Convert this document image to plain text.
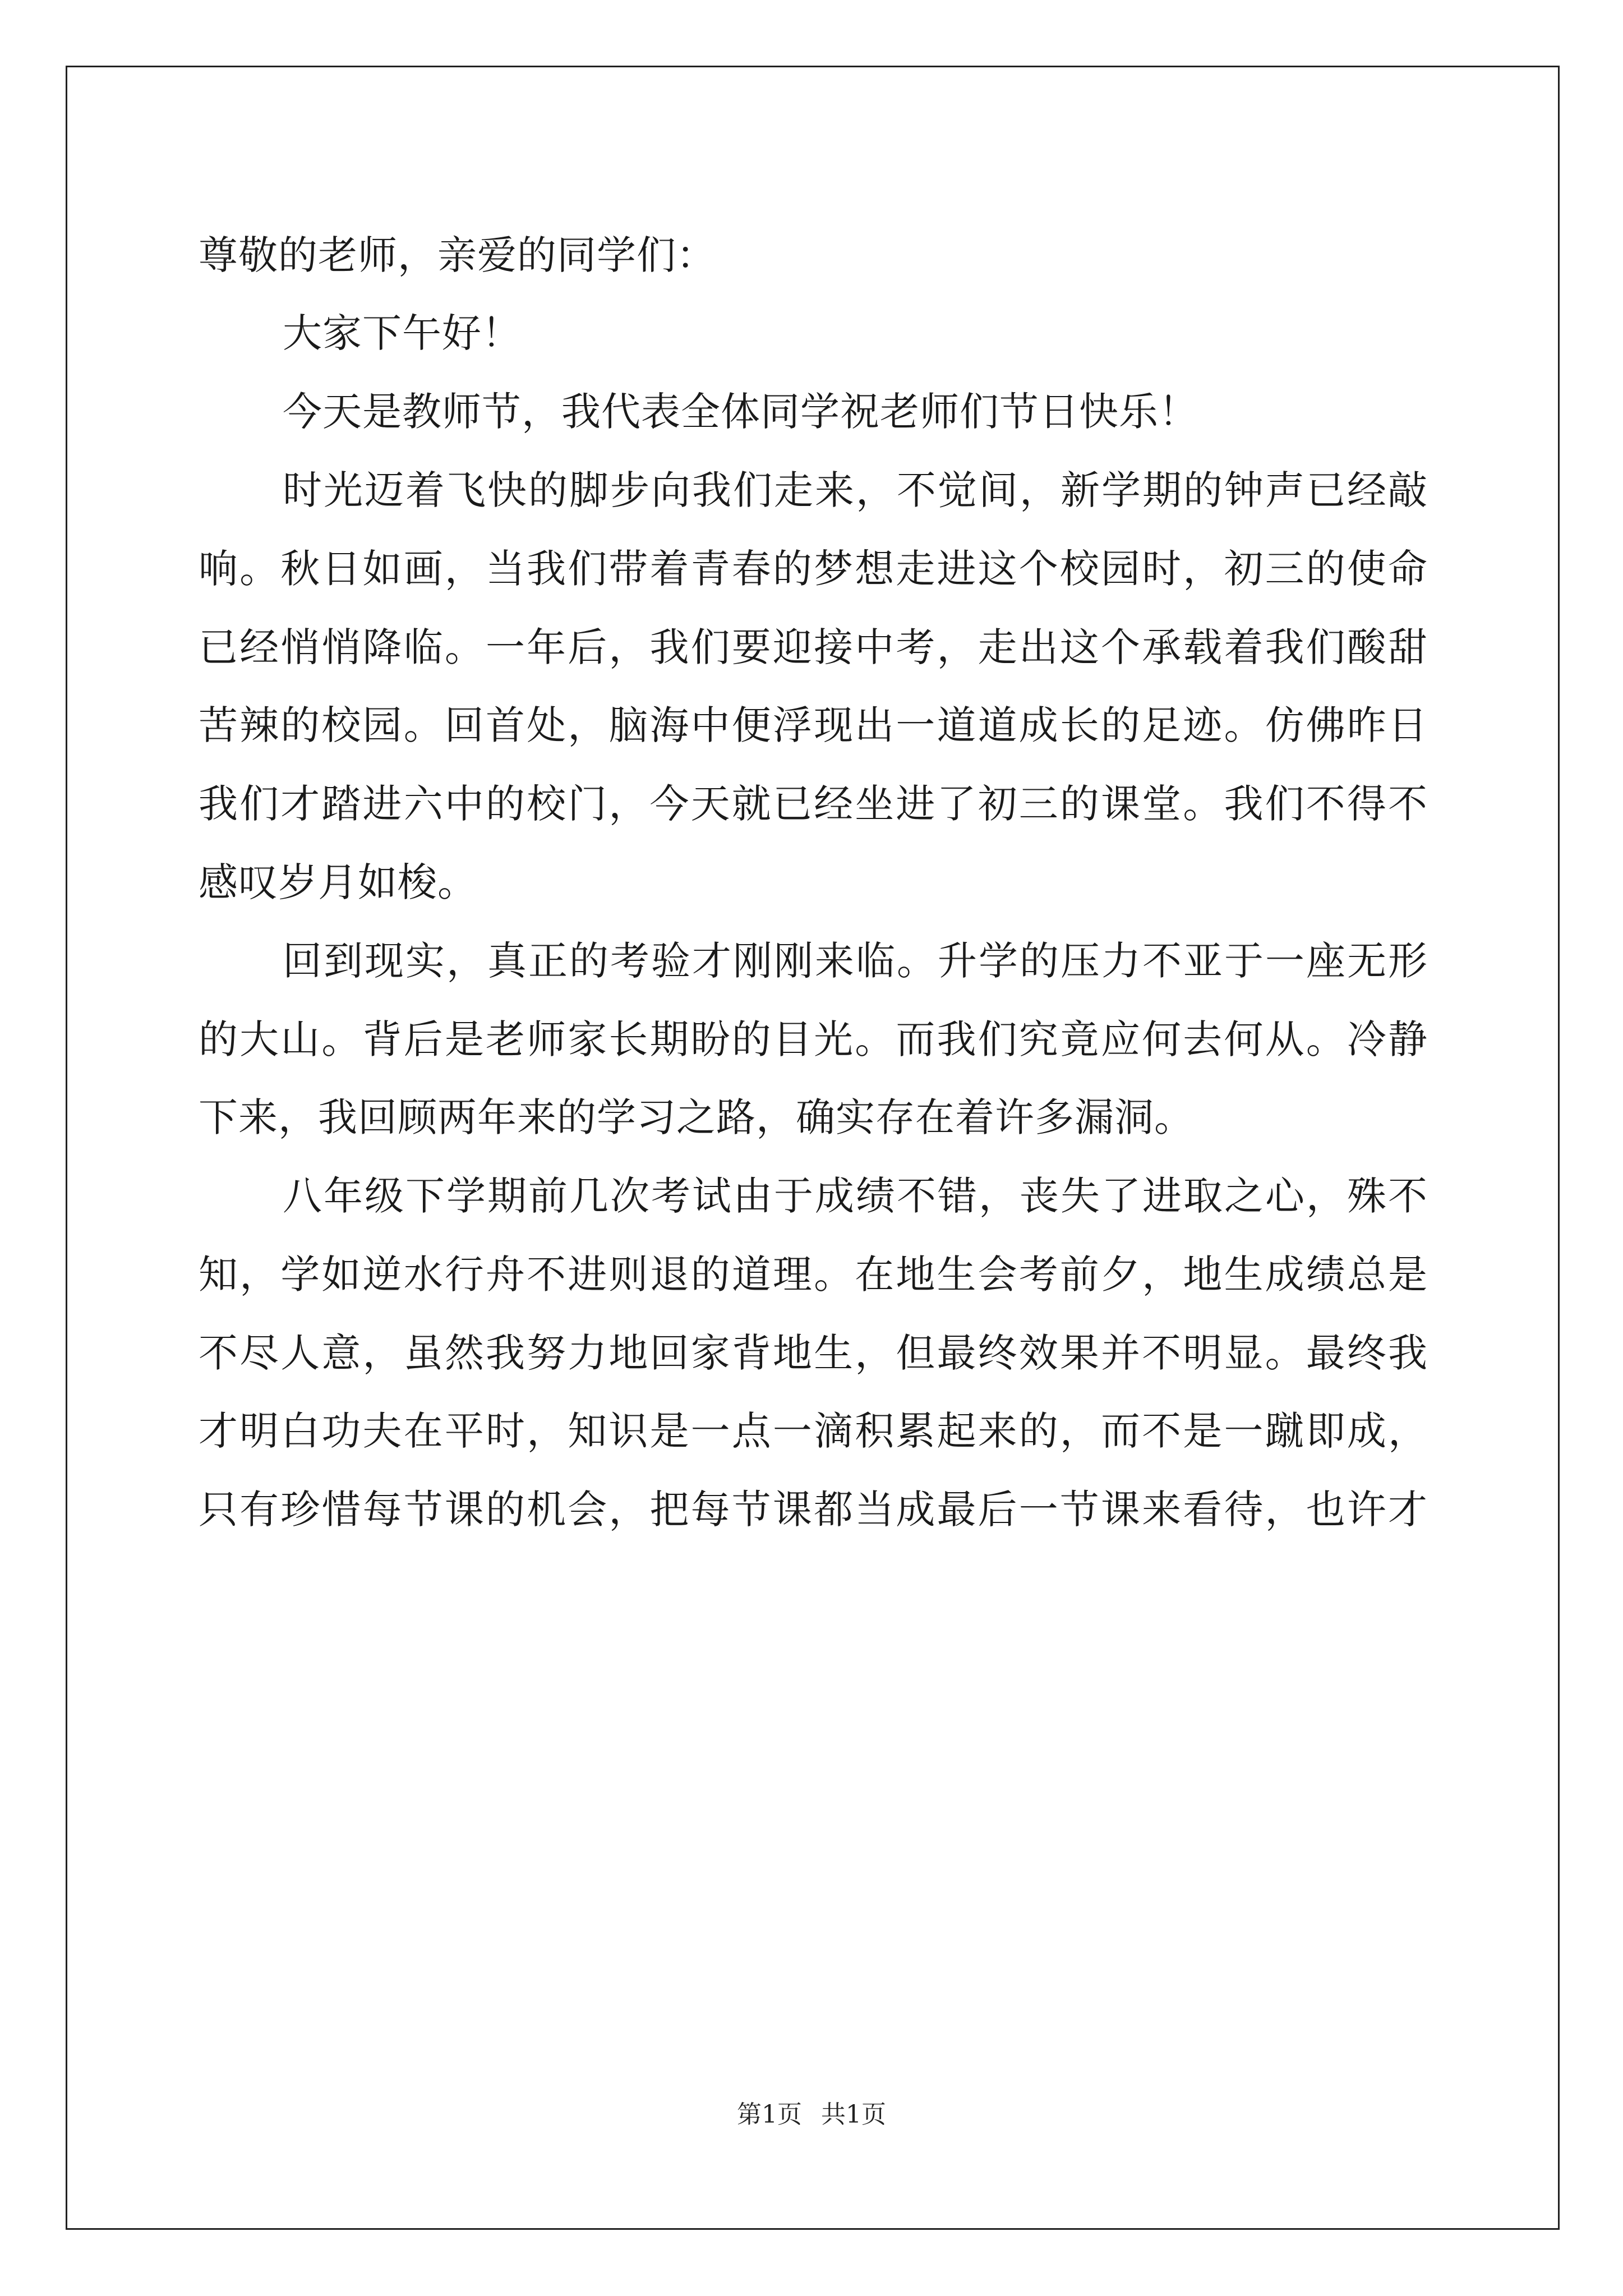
尊敬的老师，亲爱的同学们：
大家下午好！
今天是教师节，我代表全体同学祝老师们节日快乐！
时光迈着飞快的脚步向我们走来，不觉间，新学期的钟声已经敲
响。秋日如画，当我们带着青春的梦想走进这个校园时，初三的使命
已经悄悄降临。一年后，我们要迎接中考，走出这个承载着我们酸甜
苦辣的校园。回首处，脑海中便浮现出一道道成长的足迹。仿佛昨日
我们才踏进六中的校门，今天就已经坐进了初三的课堂。我们不得不
感叹岁月如梭。
回到现实，真正的考验才刚刚来临。升学的压力不亚于一座无形
的大山。背后是老师家长期盼的目光。而我们究竟应何去何从。冷静
下来，我回顾两年来的学习之路，确实存在着许多漏洞。
八年级下学期前几次考试由于成绩不错，丧失了进取之心，殊不
知，学如逆水行舟不进则退的道理。在地生会考前夕，地生成绩总是
不尽人意，虽然我努力地回家背地生，但最终效果并不明显。最终我
才明白功夫在平时，知识是一点一滴积累起来的，而不是一蹴即成，
只有珍惜每节课的机会，把每节课都当成最后一节课来看待，也许才
第1页 共1页
